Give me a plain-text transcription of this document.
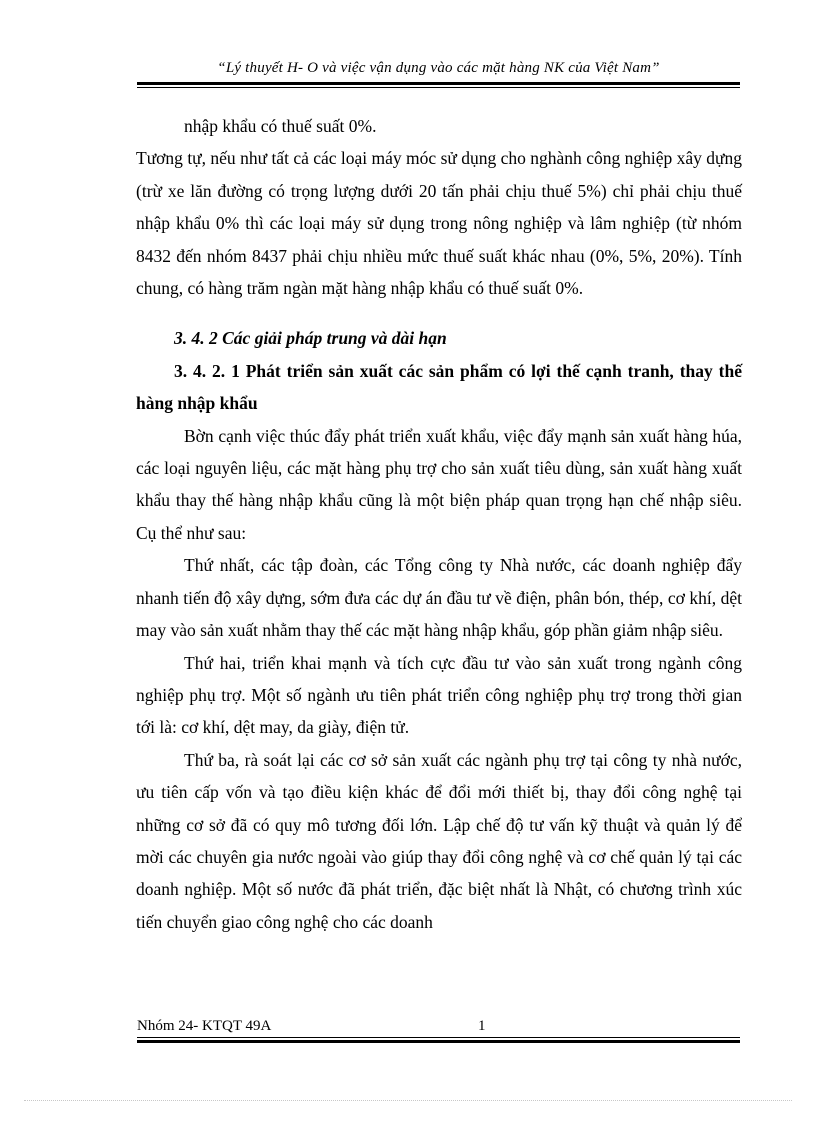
“Lý thuyết H- O và việc vận dụng vào các mặt hàng NK của Việt Nam”

nhập khẩu có thuế suất 0%.

Tương tự, nếu như tất cả các loại máy móc sử dụng cho nghành công nghiệp xây dựng (trừ xe lăn đường có trọng lượng dưới 20 tấn phải chịu thuế 5%) chỉ phải chịu thuế nhập khẩu 0% thì các loại máy sử dụng trong nông nghiệp và lâm nghiệp (từ nhóm 8432 đến nhóm 8437 phải chịu nhiều mức thuế suất khác nhau (0%, 5%, 20%). Tính chung, có hàng trăm ngàn mặt hàng nhập khẩu có thuế suất 0%.

3. 4. 2 Các giải pháp trung và dài hạn

3. 4. 2. 1 Phát triển sản xuất các sản phẩm có lợi thế cạnh tranh, thay thế hàng nhập khẩu

Bờn cạnh việc thúc đẩy phát triển xuất khẩu, việc đẩy mạnh sản xuất hàng húa, các loại nguyên liệu, các mặt hàng phụ trợ cho sản xuất tiêu dùng, sản xuất hàng xuất khẩu thay thế hàng nhập khẩu cũng là một biện pháp quan trọng hạn chế nhập siêu. Cụ thể như sau:

Thứ nhất, các tập đoàn, các Tổng công ty Nhà nước, các doanh nghiệp đẩy nhanh tiến độ xây dựng, sớm đưa các dự án đầu tư về điện, phân bón, thép, cơ khí, dệt may vào sản xuất nhằm thay thế các mặt hàng nhập khẩu, góp phần giảm nhập siêu.

Thứ hai, triển khai mạnh và tích cực đầu tư vào sản xuất trong ngành công nghiệp phụ trợ. Một số ngành ưu tiên phát triển công nghiệp phụ trợ trong thời gian tới là: cơ khí, dệt may, da giày, điện tử.

Thứ ba, rà soát lại các cơ sở sản xuất các ngành phụ trợ tại công ty nhà nước, ưu tiên cấp vốn và tạo điều kiện khác để đổi mới thiết bị, thay đổi công nghệ tại những cơ sở đã có quy mô tương đối lớn. Lập chế độ tư vấn kỹ thuật và quản lý để mời các chuyên gia nước ngoài vào giúp thay đổi công nghệ và cơ chế quản lý tại các doanh nghiệp. Một số nước đã phát triển, đặc biệt nhất là Nhật, có chương trình xúc tiến chuyển giao công nghệ cho các doanh

Nhóm 24- KTQT 49A	1
